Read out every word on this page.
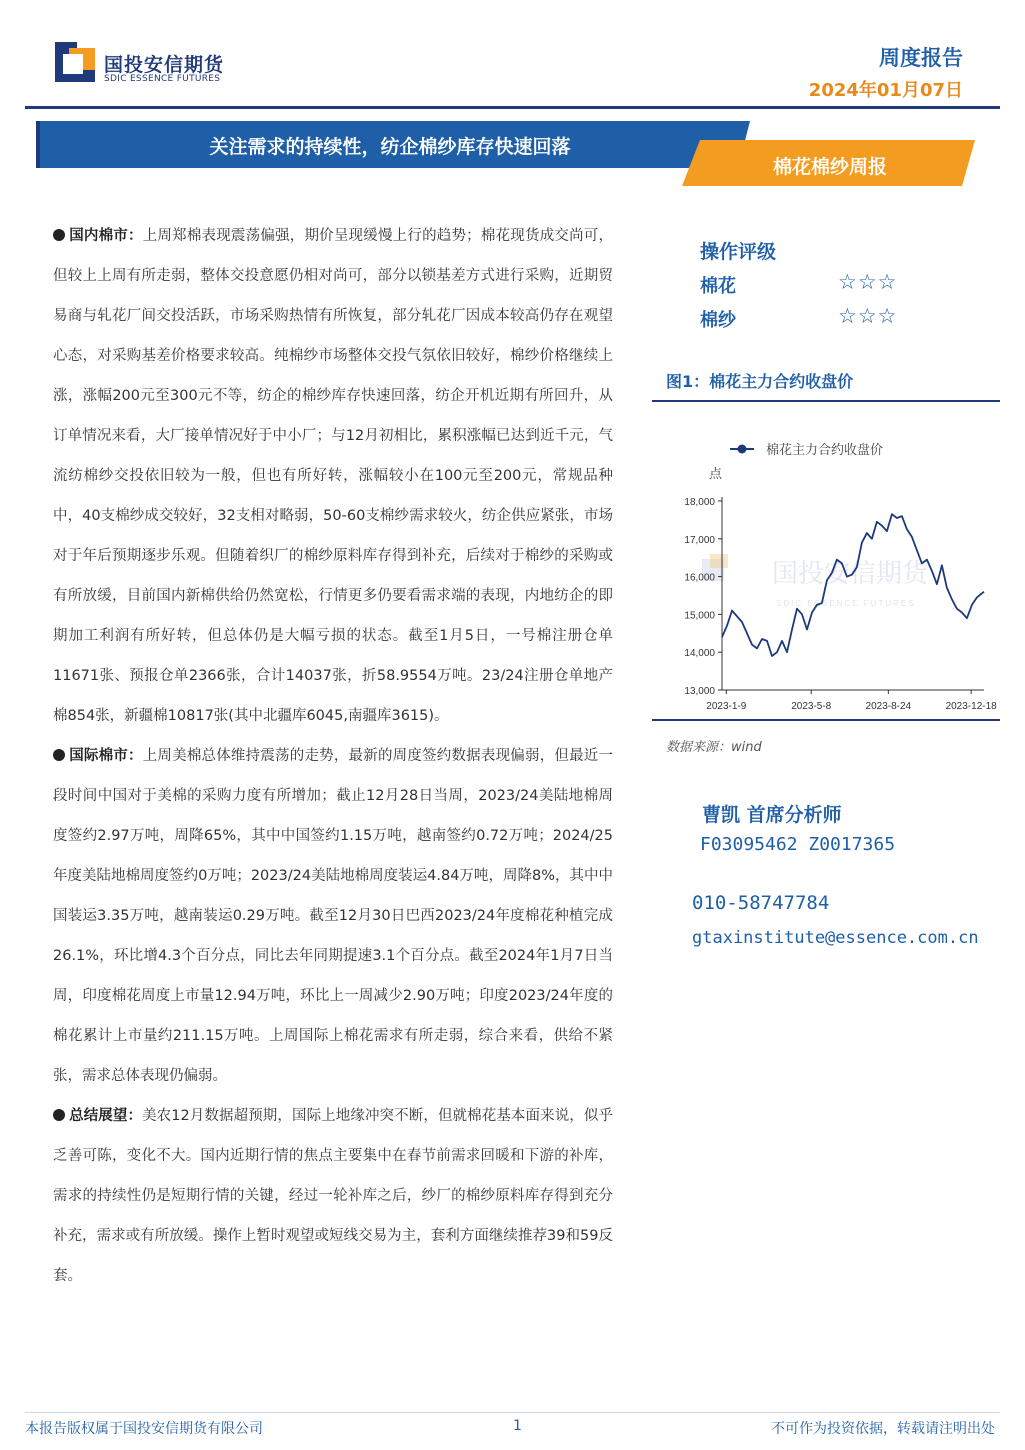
国投安信期货
SDIC ESSENCE FUTURES
周度报告
2024年01月07日
关注需求的持续性，纺企棉纱库存快速回落
棉花棉纱周报

国内棉市：上周郑棉表现震荡偏强，期价呈现缓慢上行的趋势；棉花现货成交尚可，但较上上周有所走弱，整体交投意愿仍相对尚可，部分以锁基差方式进行采购，近期贸易商与轧花厂间交投活跃，市场采购热情有所恢复，部分轧花厂因成本较高仍存在观望心态，对采购基差价格要求较高。纯棉纱市场整体交投气氛依旧较好，棉纱价格继续上涨，涨幅200元至300元不等，纺企的棉纱库存快速回落，纺企开机近期有所回升，从订单情况来看，大厂接单情况好于中小厂；与12月初相比，累积涨幅已达到近千元，气流纺棉纱交投依旧较为一般，但也有所好转，涨幅较小在100元至200元，常规品种中，40支棉纱成交较好，32支相对略弱，50-60支棉纱需求较火，纺企供应紧张，市场对于年后预期逐步乐观。但随着织厂的棉纱原料库存得到补充，后续对于棉纱的采购或有所放缓，目前国内新棉供给仍然宽松，行情更多仍要看需求端的表现，内地纺企的即期加工利润有所好转，但总体仍是大幅亏损的状态。截至1月5日，一号棉注册仓单11671张、预报仓单2366张，合计14037张，折58.9554万吨。23/24注册仓单地产棉854张，新疆棉10817张(其中北疆库6045,南疆库3615)。

国际棉市：上周美棉总体维持震荡的走势，最新的周度签约数据表现偏弱，但最近一段时间中国对于美棉的采购力度有所增加；截止12月28日当周，2023/24美陆地棉周度签约2.97万吨，周降65%，其中中国签约1.15万吨，越南签约0.72万吨；2024/25年度美陆地棉周度签约0万吨；2023/24美陆地棉周度装运4.84万吨，周降8%，其中中国装运3.35万吨，越南装运0.29万吨。截至12月30日巴西2023/24年度棉花种植完成26.1%，环比增4.3个百分点，同比去年同期提速3.1个百分点。截至2024年1月7日当周，印度棉花周度上市量12.94万吨，环比上一周减少2.90万吨；印度2023/24年度的棉花累计上市量约211.15万吨。上周国际上棉花需求有所走弱，综合来看，供给不紧张，需求总体表现仍偏弱。

总结展望：美农12月数据超预期，国际上地缘冲突不断，但就棉花基本面来说，似乎乏善可陈，变化不大。国内近期行情的焦点主要集中在春节前需求回暖和下游的补库，需求的持续性仍是短期行情的关键，经过一轮补库之后，纱厂的棉纱原料库存得到充分补充，需求或有所放缓。操作上暂时观望或短线交易为主，套利方面继续推荐39和59反套。

操作评级
棉花	☆☆☆
棉纱	☆☆☆
图1：棉花主力合约收盘价
国投安信期货
SDIC ESSENCE FUTURES
棉花主力合约收盘价
点
13,000
14,000
15,000
16,000
17,000
18,000
2023-1-9	2023-5-8	2023-8-24	2023-12-18
数据来源：wind
曹凯 首席分析师
F03095462 Z0017365
010-58747784
gtaxinstitute@essence.com.cn
本报告版权属于国投安信期货有限公司	1	不可作为投资依据，转载请注明出处
